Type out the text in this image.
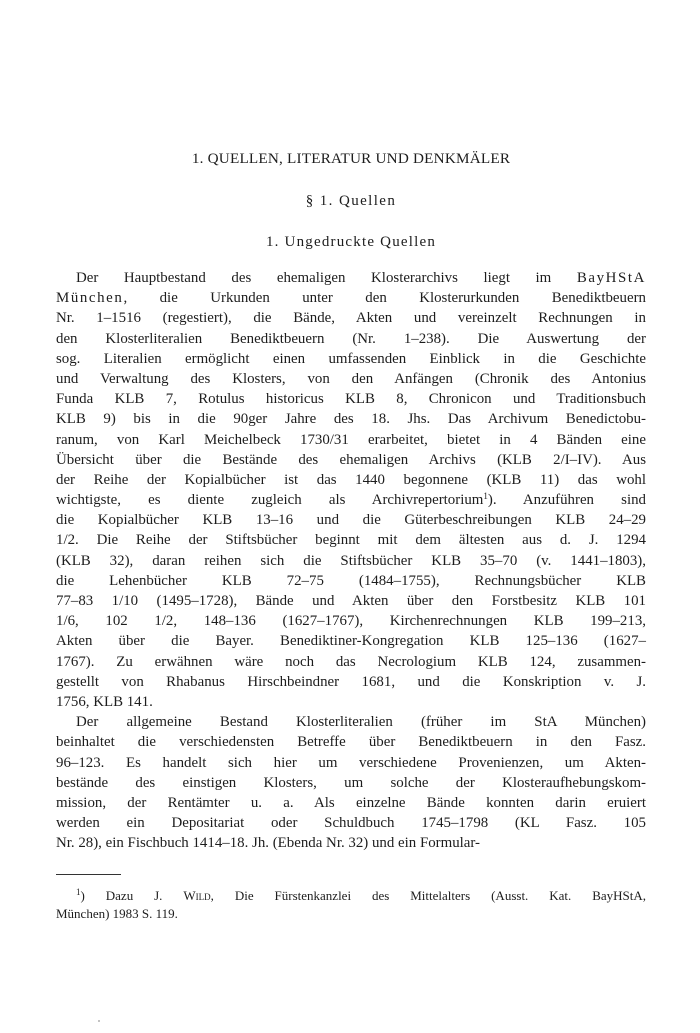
1. QUELLEN, LITERATUR UND DENKMÄLER
§ 1. Quellen
1. Ungedruckte Quellen
Der Hauptbestand des ehemaligen Klosterarchivs liegt im BayHStA
München, die Urkunden unter den Klosterurkunden Benediktbeuern
Nr. 1–1516 (regestiert), die Bände, Akten und vereinzelt Rechnungen in
den Klosterliteralien Benediktbeuern (Nr. 1–238). Die Auswertung der
sog. Literalien ermöglicht einen umfassenden Einblick in die Geschichte
und Verwaltung des Klosters, von den Anfängen (Chronik des Antonius
Funda KLB 7, Rotulus historicus KLB 8, Chronicon und Traditionsbuch
KLB 9) bis in die 90ger Jahre des 18. Jhs. Das Archivum Benedictobu-
ranum, von Karl Meichelbeck 1730/31 erarbeitet, bietet in 4 Bänden eine
Übersicht über die Bestände des ehemaligen Archivs (KLB 2/I–IV). Aus
der Reihe der Kopialbücher ist das 1440 begonnene (KLB 11) das wohl
wichtigste, es diente zugleich als Archivrepertorium$^1$). Anzuführen sind
die Kopialbücher KLB 13–16 und die Güterbeschreibungen KLB 24–29
1/2. Die Reihe der Stiftsbücher beginnt mit dem ältesten aus d. J. 1294
(KLB 32), daran reihen sich die Stiftsbücher KLB 35–70 (v. 1441–1803),
die Lehenbücher KLB 72–75 (1484–1755), Rechnungsbücher KLB
77–83 1/10 (1495–1728), Bände und Akten über den Forstbesitz KLB 101
1/6, 102 1/2, 148–136 (1627–1767), Kirchenrechnungen KLB 199–213,
Akten über die Bayer. Benediktiner-Kongregation KLB 125–136 (1627–
1767). Zu erwähnen wäre noch das Necrologium KLB 124, zusammen-
gestellt von Rhabanus Hirschbeindner 1681, und die Konskription v. J.
1756, KLB 141.
Der allgemeine Bestand Klosterliteralien (früher im StA München)
beinhaltet die verschiedensten Betreffe über Benediktbeuern in den Fasz.
96–123. Es handelt sich hier um verschiedene Provenienzen, um Akten-
bestände des einstigen Klosters, um solche der Klosteraufhebungskom-
mission, der Rentämter u. a. Als einzelne Bände konnten darin eruiert
werden ein Depositariat oder Schuldbuch 1745–1798 (KL Fasz. 105
Nr. 28), ein Fischbuch 1414–18. Jh. (Ebenda Nr. 32) und ein Formular-
$^1$) Dazu J. Wild, Die Fürstenkanzlei des Mittelalters (Ausst. Kat. BayHStA,
München) 1983 S. 119.
